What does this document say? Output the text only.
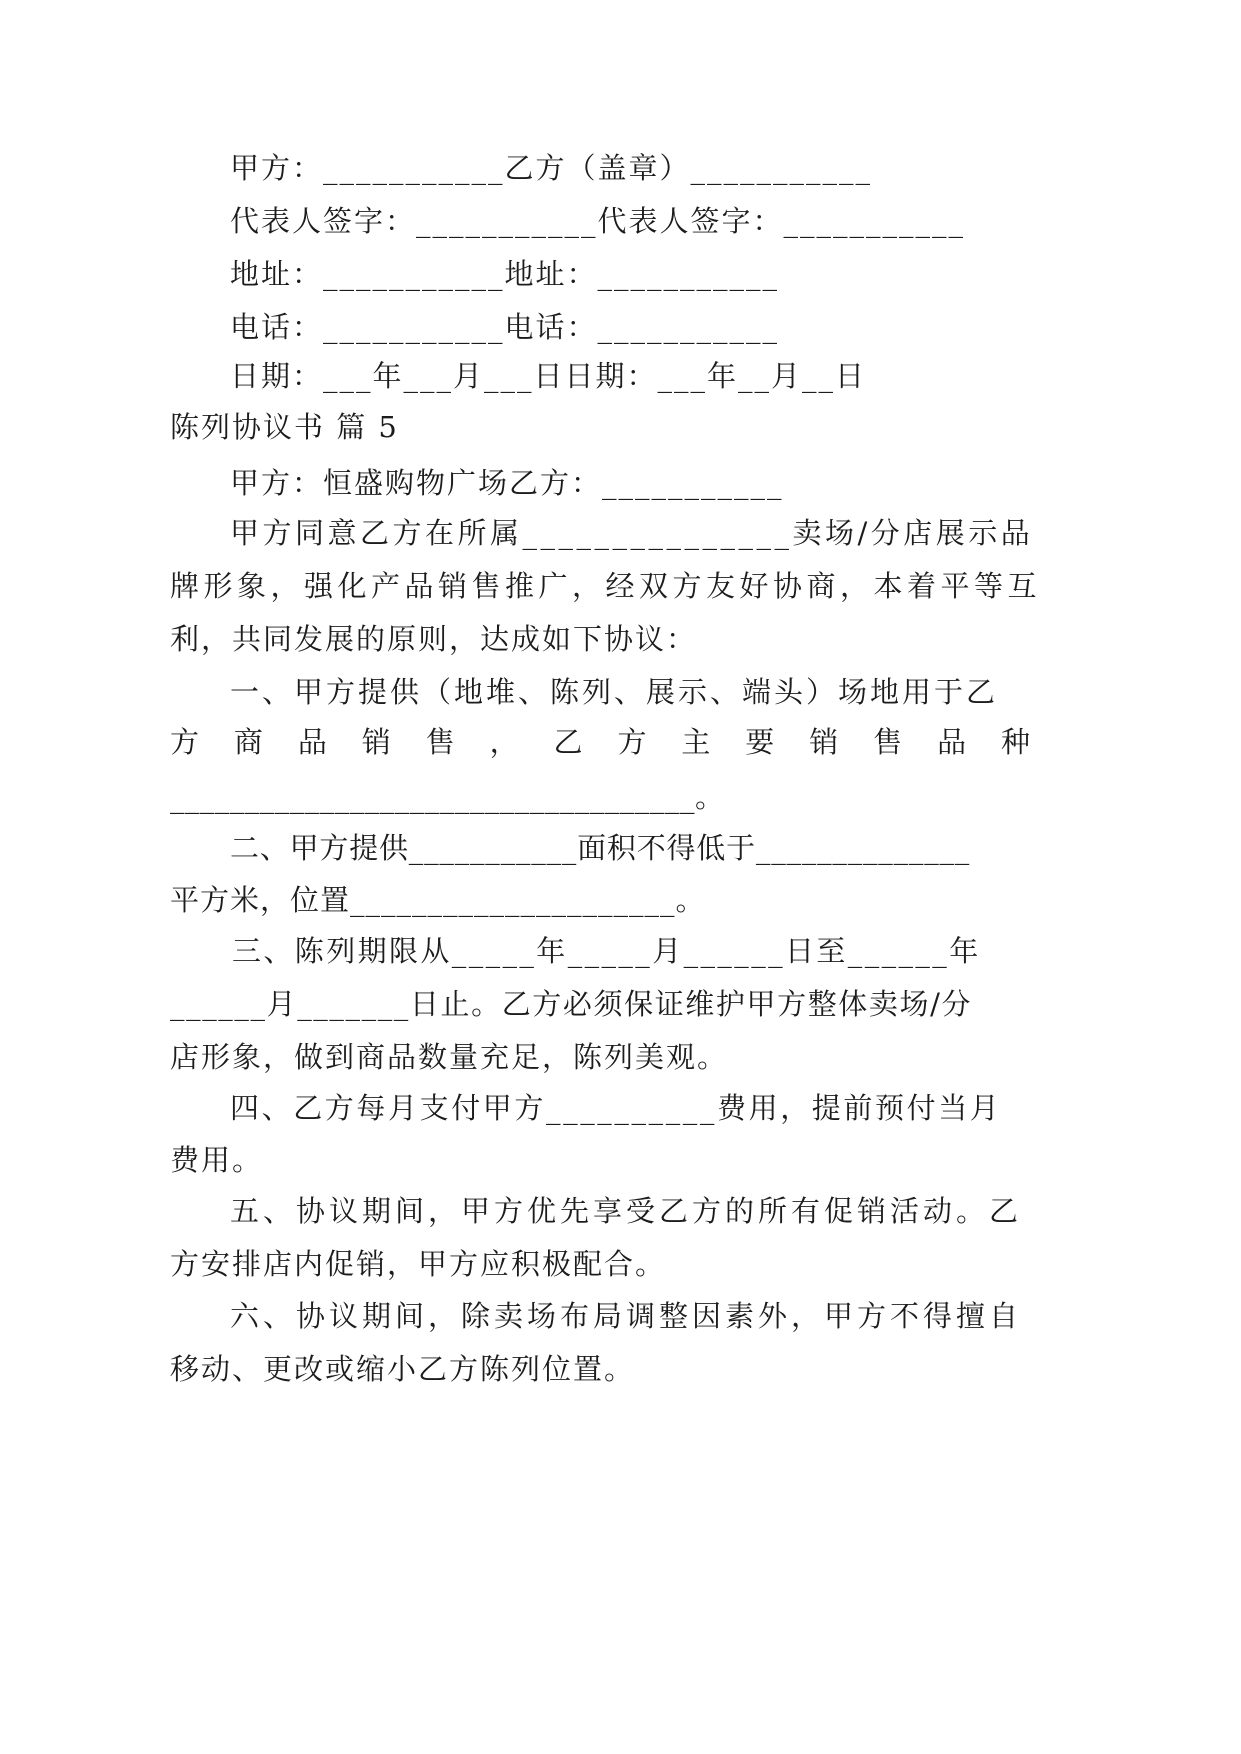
甲方：___________乙方（盖章）___________
代表人签字：___________代表人签字：___________
地址：___________地址：___________
电话：___________电话：___________
日期：___年___月___日日期：___年__月__日
陈列协议书 篇 5
甲方：恒盛购物广场乙方：___________
甲方同意乙方在所属_______________卖场/分店展示品
牌形象，强化产品销售推广，经双方友好协商，本着平等互
利，共同发展的原则，达成如下协议：
一、甲方提供（地堆、陈列、展示、端头）场地用于乙
方 商 品 销 售 ， 乙 方 主 要 销 售 品 种
___________________________________。
二、甲方提供___________面积不得低于______________
平方米，位置_____________________。
三、陈列期限从_____年_____月______日至______年
______月_______日止。乙方必须保证维护甲方整体卖场/分
店形象，做到商品数量充足，陈列美观。
四、乙方每月支付甲方__________费用，提前预付当月
费用。
五、协议期间，甲方优先享受乙方的所有促销活动。乙
方安排店内促销，甲方应积极配合。
六、协议期间，除卖场布局调整因素外，甲方不得擅自
移动、更改或缩小乙方陈列位置。
